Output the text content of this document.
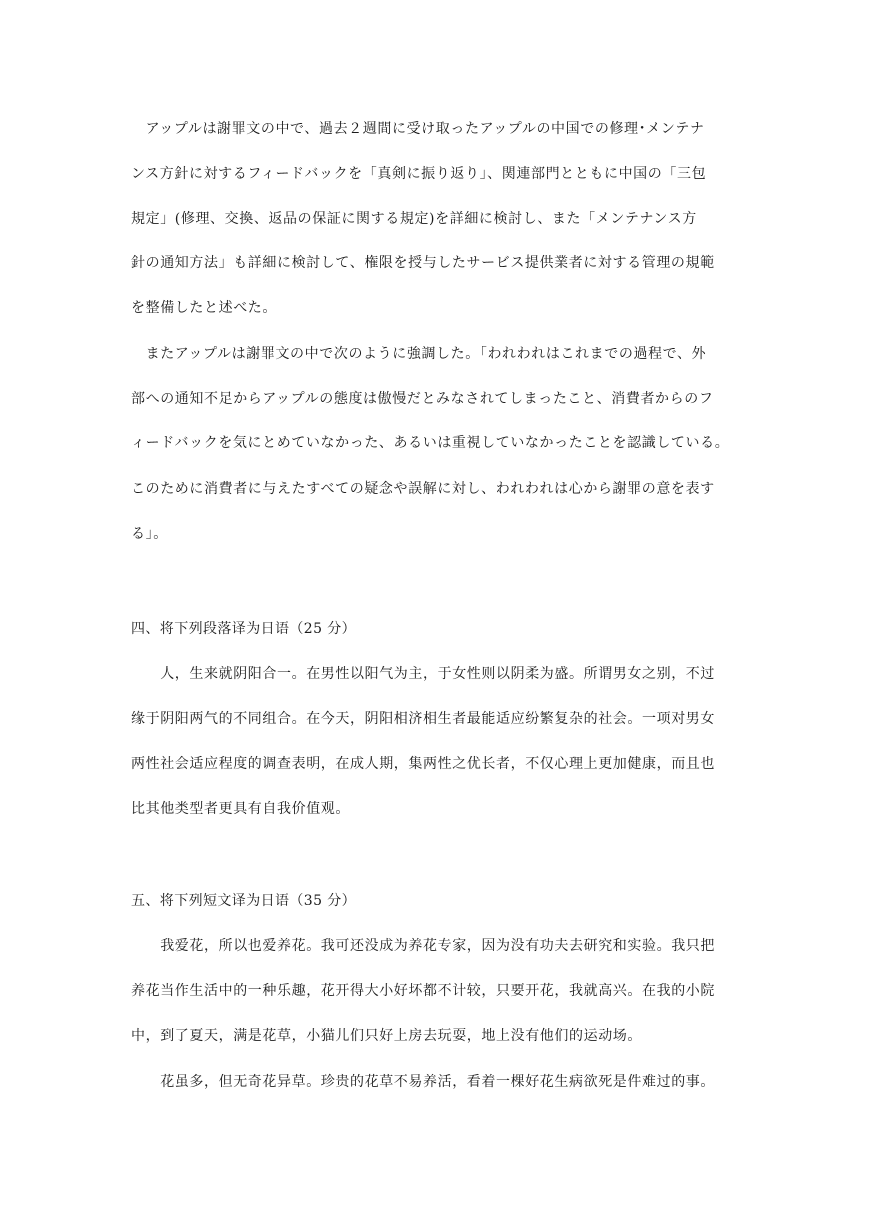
　アップルは謝罪文の中で、過去２週間に受け取ったアップルの中国での修理･メンテナ
ンス方針に対するフィードバックを「真剣に振り返り」、関連部門とともに中国の「三包
規定」(修理、交換、返品の保証に関する規定)を詳細に検討し、また「メンテナンス方
針の通知方法」も詳細に検討して、権限を授与したサービス提供業者に対する管理の規範
を整備したと述べた。
　またアップルは謝罪文の中で次のように強調した。｢われわれはこれまでの過程で、外
部への通知不足からアップルの態度は傲慢だとみなされてしまったこと、消費者からのフ
ィードバックを気にとめていなかった、あるいは重視していなかったことを認識している。
このために消費者に与えたすべての疑念や誤解に対し、われわれは心から謝罪の意を表す
る｣。
四、将下列段落译为日语（25 分）
　　人，生来就阴阳合一。在男性以阳气为主，于女性则以阴柔为盛。所谓男女之别，不过
缘于阴阳两气的不同组合。在今天，阴阳相济相生者最能适应纷繁复杂的社会。一项对男女
两性社会适应程度的调查表明，在成人期，集两性之优长者，不仅心理上更加健康，而且也
比其他类型者更具有自我价值观。
五、将下列短文译为日语（35 分）
　　我爱花，所以也爱养花。我可还没成为养花专家，因为没有功夫去研究和实验。我只把
养花当作生活中的一种乐趣，花开得大小好坏都不计较，只要开花，我就高兴。在我的小院
中，到了夏天，满是花草，小猫儿们只好上房去玩耍，地上没有他们的运动场。
　　花虽多，但无奇花异草。珍贵的花草不易养活，看着一棵好花生病欲死是件难过的事。
